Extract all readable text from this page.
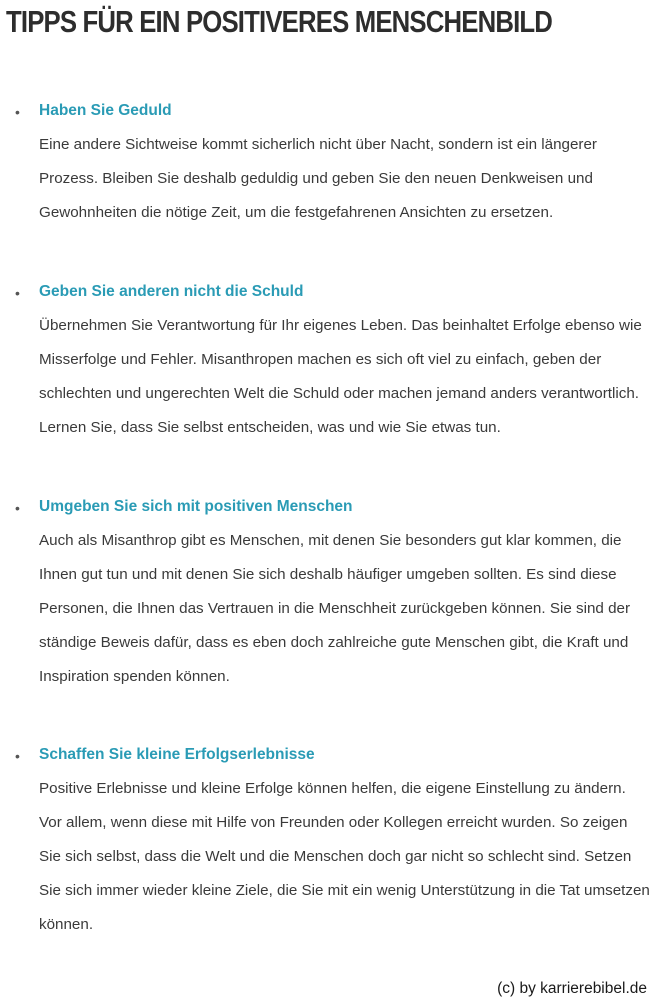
TIPPS FÜR EIN POSITIVERES MENSCHENBILD
• Haben Sie Geduld

Eine andere Sichtweise kommt sicherlich nicht über Nacht, sondern ist ein längerer Prozess. Bleiben Sie deshalb geduldig und geben Sie den neuen Denkweisen und Gewohnheiten die nötige Zeit, um die festgefahrenen Ansichten zu ersetzen.

• Geben Sie anderen nicht die Schuld

Übernehmen Sie Verantwortung für Ihr eigenes Leben. Das beinhaltet Erfolge ebenso wie Misserfolge und Fehler. Misanthropen machen es sich oft viel zu einfach, geben der schlechten und ungerechten Welt die Schuld oder machen jemand anders verantwortlich. Lernen Sie, dass Sie selbst entscheiden, was und wie Sie etwas tun.

• Umgeben Sie sich mit positiven Menschen

Auch als Misanthrop gibt es Menschen, mit denen Sie besonders gut klar kommen, die Ihnen gut tun und mit denen Sie sich deshalb häufiger umgeben sollten. Es sind diese Personen, die Ihnen das Vertrauen in die Menschheit zurückgeben können. Sie sind der ständige Beweis dafür, dass es eben doch zahlreiche gute Menschen gibt, die Kraft und Inspiration spenden können.

• Schaffen Sie kleine Erfolgserlebnisse

Positive Erlebnisse und kleine Erfolge können helfen, die eigene Einstellung zu ändern. Vor allem, wenn diese mit Hilfe von Freunden oder Kollegen erreicht wurden. So zeigen Sie sich selbst, dass die Welt und die Menschen doch gar nicht so schlecht sind. Setzen Sie sich immer wieder kleine Ziele, die Sie mit ein wenig Unterstützung in die Tat umsetzen können.

(c) by karrierebibel.de
